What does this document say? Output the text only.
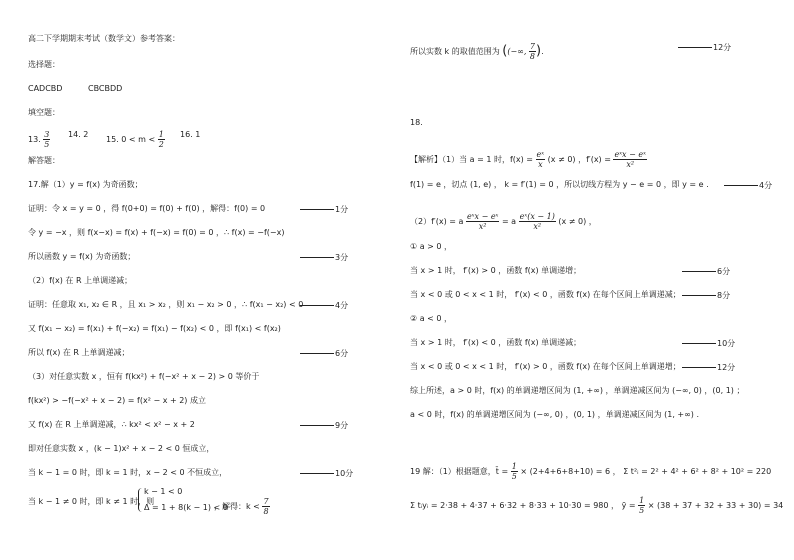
高二下学期期末考试（数学文）参考答案：
选择题：
CADCBD	CBCBDD
填空题：
13. $\frac{3}{5} 14$. 2
15. $0 < m < \frac{1}{2} 16$. 1
解答题：
17.解（1）y = f(x) 为奇函数；
证明：令 x = y = 0 ，得 f(0+0) = f(0) + f(0) ，解得：f(0) = 0	1分
令 y = −x ，则 f(x−x) = f(x) + f(−x) = f(0) = 0 ，∴ f(x) = −f(−x)
所以函数 y = f(x) 为奇函数；	3分
（2）f(x) 在 R 上单调递减；
证明：任意取 x₁, x₂ ∈ R ，且 x₁ > x₂ ，则 x₁ − x₂ > 0 ，∴ f(x₁ − x₂) < 0	4分
又 f(x₁ − x₂) = f(x₁) + f(−x₂) = f(x₁) − f(x₂) < 0 ，即 f(x₁) < f(x₂)
所以 f(x) 在 R 上单调递减；	6分
（3）对任意实数 x ，恒有 f(kx²) + f(−x² + x − 2) > 0 等价于
f(kx²) > −f(−x² + x − 2) = f(x² − x + 2) 成立
又 f(x) 在 R 上单调递减，∴ kx² < x² − x + 2	9分
即对任意实数 x ，(k − 1)x² + x − 2 < 0 恒成立，
当 k − 1 = 0 时，即 k = 1 时，x − 2 < 0 不恒成立，	10分
当 k − 1 ≠ 0 时，即 k ≠ 1 时，则
k − 1 < 0
Δ = 1 + 8(k − 1) < 0
，解得：$k < \frac{7}{8}$
所以实数 k 的取值范围为 ((−∞, $\frac{7}{8}$ ).	12分
18.
【解析】（1）当 a = 1 时，$f(x) = \frac{\text{eˣ}}{x} (x \ne 0)$ ，$f'(x) = \frac{\text{eˣx − eˣ}}{\text{x²}}$
f(1) = e ，切点 (1, e) ， k = f′(1) = 0 ，所以切线方程为 y − e = 0 ，即 y = e .	4分
（2）f′(x) = a $\frac{\text{eˣx − eˣ}}{\text{x²}} = a \frac{\text{eˣ(x − 1)}}{\text{x²}} (x \ne 0)$ ，
① a > 0 ，
当 x > 1 时， f′(x) > 0 ，函数 f(x) 单调递增；	6分
当 x < 0 或 0 < x < 1 时， f′(x) < 0 ，函数 f(x) 在每个区间上单调递减；	8分
② a < 0 ，
当 x > 1 时， f′(x) < 0 ，函数 f(x) 单调递减；	10分
当 x < 0 或 0 < x < 1 时， f′(x) > 0 ，函数 f(x) 在每个区间上单调递增；	12分
综上所述，a > 0 时，f(x) 的单调递增区间为 (1, +∞) ，单调递减区间为 (−∞, 0) ，(0, 1) ；
a < 0 时，f(x) 的单调递增区间为 (−∞, 0) ，(0, 1) ，单调递减区间为 (1, +∞) .
19 解：（1）根据题意，t̄ = $\frac{1}{5} \times (2+4+6+8+10) = 6$ ， Σ t²ᵢ = 2² + 4² + 6² + 8² + 10² = 220
Σ tᵢyᵢ = 2·38 + 4·37 + 6·32 + 8·33 + 10·30 = 980 ， ȳ = $\frac{1}{5} \times (38 + 37 + 32 + 33 + 30) = 34$
